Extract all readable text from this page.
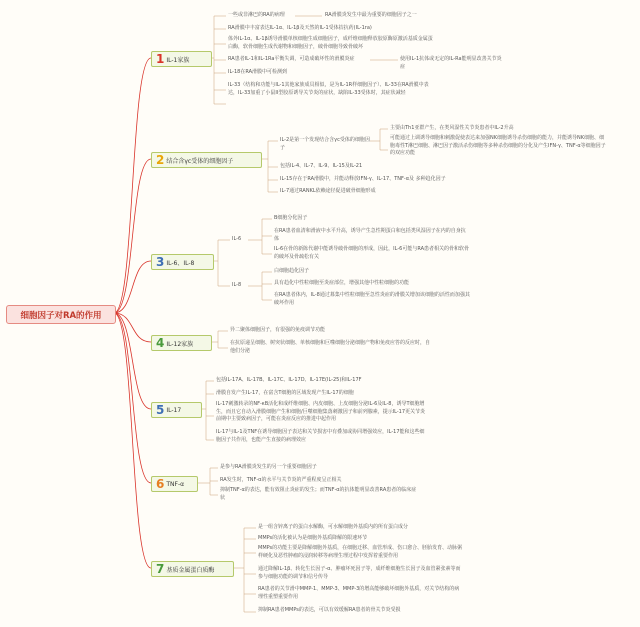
细胞因子对RA的作用
1 IL-1家族
一些或非淋巴的RA的病理	RA滑膜炎发生中最为重要的细胞因子之一
RA滑膜中丰富表达IL-1α、IL-1β及天然的IL-1受体拮抗药(IL-1ra)
体外IL-1α、IL-1β诱导滑膜单核细胞生成细胞因子，成纤维细胞释放胶原酶原激活基质金属蛋白酶，软骨细胞生成代谢物和细胞因子，破骨细胞导致骨破坏
RA患者IL-1和IL-1Ra平衡失调，可造成破坏性的滑膜炎症	使用IL-1抗体或无定的IL-Ra能明显改善关节炎症
IL-18在RA滑膜中可检测到
IL-33（结构和功能与IL-1其他家族成员相似，是为IL-1R样细胞因子）、IL-33在RA滑膜中表达，IL-33加重了小鼠II型胶原诱导关节炎的症状，缺陷IL-33受体时，其症状减轻
2 结合含γc受体的细胞因子
IL-2是第一个发现结合含γc受体的细胞因子
主要由Th1亚群产生，在类风湿性关节炎患者中IL-2升高
可能通过上调诱导细胞和刺激促使表达来加强NK细胞诱导杀伤细胞的能力，并能诱导NK细胞、细胞毒性T淋巴细胞、淋巴因子激活杀伤细胞等多种杀伤细胞的分化及产生IFN-γ、TNF-α等细胞因子的双应功能
包括IL-4、IL-7、IL-9、IL-15及IL-21
IL-15存在于RA滑膜中，并能动释放IFN-γ、IL-17、TNF-α及 多种趋化因子
IL-7通过RANKL依赖途径促进破骨细胞形成
3 IL-6、IL-8
IL-6
IL-8
B细胞分化因子
在RA患者血清和滑液中水平升高，诱导产生急性期蛋白和包括类风湿因子在内的自身抗体
IL-6在骨的新陈代谢中能诱导破骨细胞的形成，因此，IL-6可能与RA患者相关的骨和软骨的破坏及骨疏松有关
白细胞趋化因子
具有趋化中性粒细胞至炎症部位，增强其他中性粒细胞的功能
在RA患者体内，IL-8通过募集中性粒细胞至急性炎症的滑膜关增加该细胞的活性而加强其破坏作用
4 IL-12家族
异二聚体细胞因子，有很强的免疫调节功能
在抗原递呈细胞、树突状细胞、单核细胞和巨噬细胞分泌细胞产物和免疫应答的反应时，自他们分泌
5 IL-17
包括IL-17A、IL-17B、IL-17C、IL-17D、IL-17E(IL-25)和IL-17F
滑膜自发产生IL-17，在富含T细胞的区域发现产生IL-17的细胞
IL-17刺激转录的NF-κB活化和成纤维细胞、内皮细胞、上皮细胞分泌IL-6及IL-8，诱导T细胞增生，而且它自动入滑膜细胞产生和细胞/巨噬细胞集落刺激因子和前列腺素，提示IL-17更关节炎前期中主要致病因子，可能在炎症反应的推进中起作用
IL-17与IL-1及TNF在诱导细胞因子表达和关节损害中有叠加或协同增强效应，IL-17能和这些细胞因子共作用，也能产生直接的病理效应
6 TNF-α
是参与RA滑膜炎发生的另一个重要细胞因子
RA发生时，TNF-α的水平与关节炎的严重程度呈正相关
抑制TNF-α的表达，能有效阻止炎症的发生；而TNF-α的抗体能明显改善RA患者的临床症状
7 基质金属蛋白质酶
是一组含锌离子的蛋白水解酶，可水解细胞外基质内的所有蛋白成分
MMPs的活化被认为是细胞外基质降解的限速环节
MMPs的功能主要是降解细胞外基质，在细胞迁移、血管形成、伤口愈合、胚胎发育、动脉粥样硬化及恶性肿瘤的浸润转移等病理生理过程中发挥着重要作用
通过降解IL-1β、转化生长因子-α、肿瘤坏死因子等，成纤维细胞生长因子及血管紧张素等而参与细胞功能的调节和信号传导
RA患者的关节滑中MMP-1、MMP-3、MMP-3的增高能够破坏细胞外基质，对关节结构的病理性重塑重要作用
抑制RA患者MMPs的表达，可以有效缓解RA患者的骨关节炎受损
